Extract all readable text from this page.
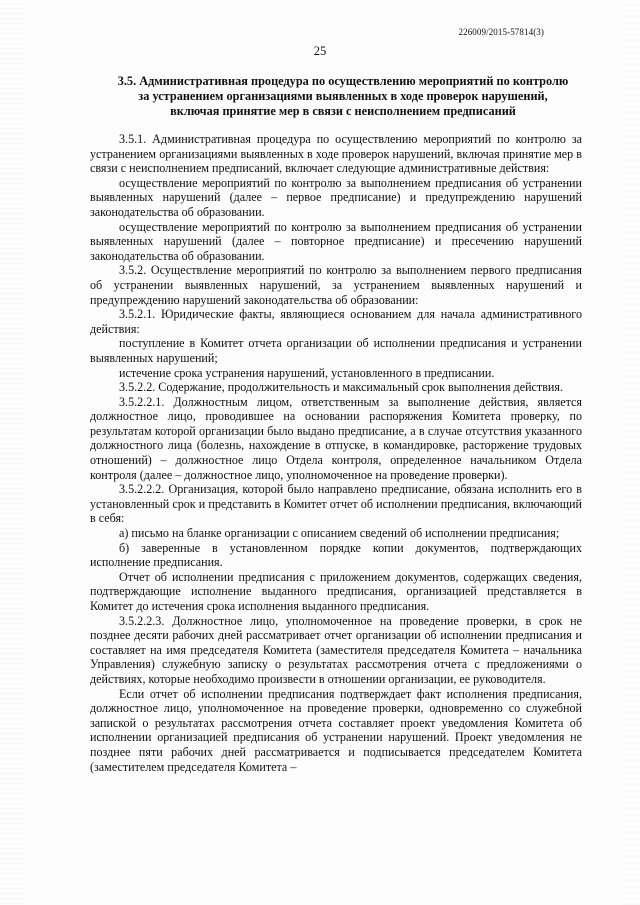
226009/2015-57814(3)
25
3.5. Административная процедура по осуществлению мероприятий по контролю
за устранением организациями выявленных в ходе проверок нарушений,
включая принятие мер в связи с неисполнением предписаний

3.5.1. Административная процедура по осуществлению мероприятий по контролю за устранением организациями выявленных в ходе проверок нарушений, включая принятие мер в связи с неисполнением предписаний, включает следующие административные действия:

осуществление мероприятий по контролю за выполнением предписания об устранении выявленных нарушений (далее – первое предписание) и предупреждению нарушений законодательства об образовании.

осуществление мероприятий по контролю за выполнением предписания об устранении выявленных нарушений (далее – повторное предписание) и пресечению нарушений законодательства об образовании.

3.5.2. Осуществление мероприятий по контролю за выполнением первого предписания об устранении выявленных нарушений, за устранением выявленных нарушений и предупреждению нарушений законодательства об образовании:

3.5.2.1. Юридические факты, являющиеся основанием для начала административного действия:

поступление в Комитет отчета организации об исполнении предписания и устранении выявленных нарушений;

истечение срока устранения нарушений, установленного в предписании.

3.5.2.2. Содержание, продолжительность и максимальный срок выполнения действия.

3.5.2.2.1. Должностным лицом, ответственным за выполнение действия, является должностное лицо, проводившее на основании распоряжения Комитета проверку, по результатам которой организации было выдано предписание, а в случае отсутствия указанного должностного лица (болезнь, нахождение в отпуске, в командировке, расторжение трудовых отношений) – должностное лицо Отдела контроля, определенное начальником Отдела контроля (далее – должностное лицо, уполномоченное на проведение проверки).

3.5.2.2.2. Организация, которой было направлено предписание, обязана исполнить его в установленный срок и представить в Комитет отчет об исполнении предписания, включающий в себя:

а) письмо на бланке организации с описанием сведений об исполнении предписания;

б) заверенные в установленном порядке копии документов, подтверждающих исполнение предписания.

Отчет об исполнении предписания с приложением документов, содержащих сведения, подтверждающие исполнение выданного предписания, организацией представляется в Комитет до истечения срока исполнения выданного предписания.

3.5.2.2.3. Должностное лицо, уполномоченное на проведение проверки, в срок не позднее десяти рабочих дней рассматривает отчет организации об исполнении предписания и составляет на имя председателя Комитета (заместителя председателя Комитета – начальника Управления) служебную записку о результатах рассмотрения отчета с предложениями о действиях, которые необходимо произвести в отношении организации, ее руководителя.

Если отчет об исполнении предписания подтверждает факт исполнения предписания, должностное лицо, уполномоченное на проведение проверки, одновременно со служебной запиской о результатах рассмотрения отчета составляет проект уведомления Комитета об исполнении организацией предписания об устранении нарушений. Проект уведомления не позднее пяти рабочих дней рассматривается и подписывается председателем Комитета (заместителем председателя Комитета –
